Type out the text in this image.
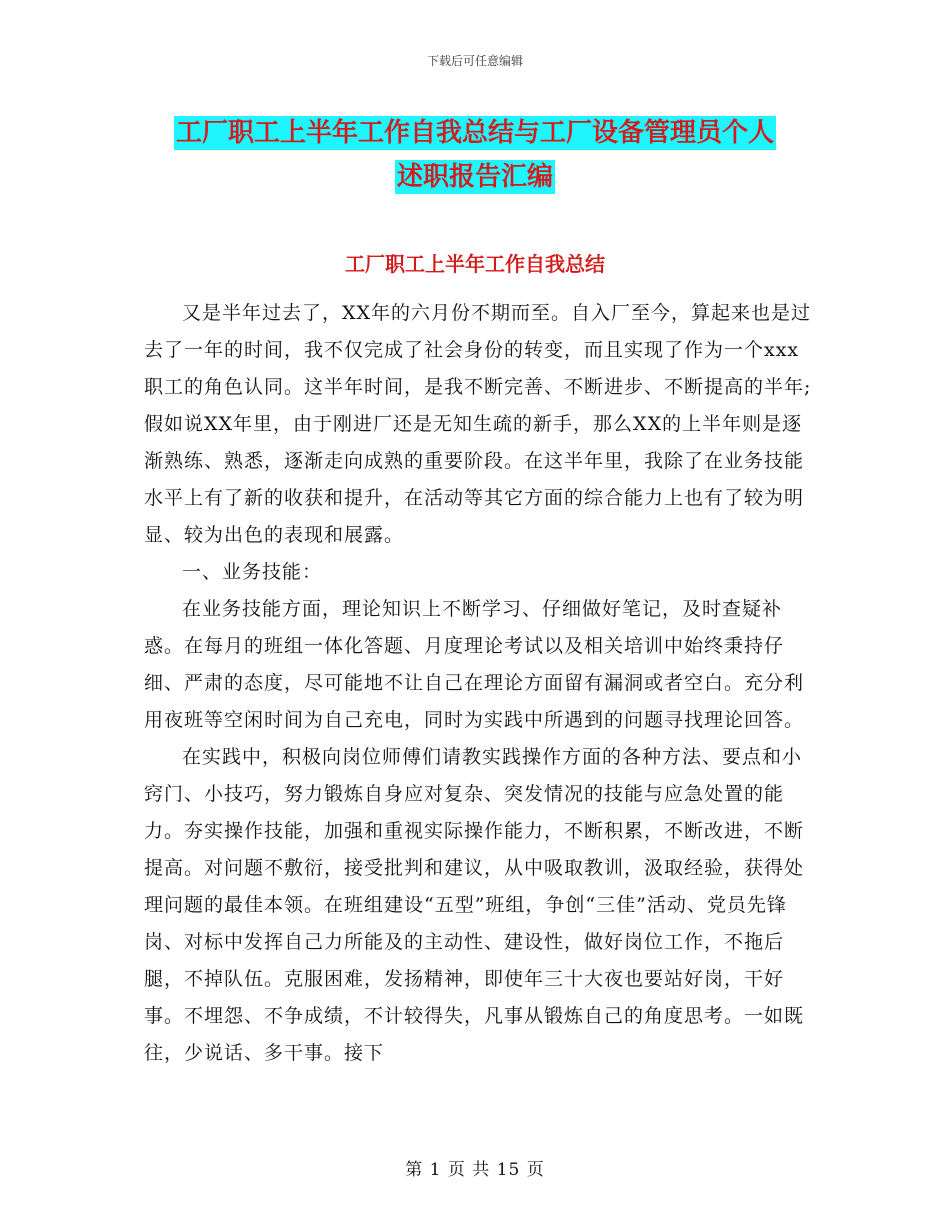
下载后可任意编辑
工厂职工上半年工作自我总结与工厂设备管理员个人
述职报告汇编
工厂职工上半年工作自我总结

又是半年过去了，XX年的六月份不期而至。自入厂至今，算起来也是过去了一年的时间，我不仅完成了社会身份的转变，而且实现了作为一个xxx职工的角色认同。这半年时间，是我不断完善、不断进步、不断提高的半年;假如说XX年里，由于刚进厂还是无知生疏的新手，那么XX的上半年则是逐渐熟练、熟悉，逐渐走向成熟的重要阶段。在这半年里，我除了在业务技能水平上有了新的收获和提升，在活动等其它方面的综合能力上也有了较为明显、较为出色的表现和展露。

一、业务技能：

在业务技能方面，理论知识上不断学习、仔细做好笔记，及时查疑补惑。在每月的班组一体化答题、月度理论考试以及相关培训中始终秉持仔细、严肃的态度，尽可能地不让自己在理论方面留有漏洞或者空白。充分利用夜班等空闲时间为自己充电，同时为实践中所遇到的问题寻找理论回答。

在实践中，积极向岗位师傅们请教实践操作方面的各种方法、要点和小窍门、小技巧，努力锻炼自身应对复杂、突发情况的技能与应急处置的能力。夯实操作技能，加强和重视实际操作能力，不断积累，不断改进，不断提高。对问题不敷衍，接受批判和建议，从中吸取教训，汲取经验，获得处理问题的最佳本领。在班组建设“五型”班组，争创“三佳”活动、党员先锋岗、对标中发挥自己力所能及的主动性、建设性，做好岗位工作，不拖后腿，不掉队伍。克服困难，发扬精神，即使年三十大夜也要站好岗，干好事。不埋怨、不争成绩，不计较得失，凡事从锻炼自己的角度思考。一如既往，少说话、多干事。接下

第 1 页 共 15 页
